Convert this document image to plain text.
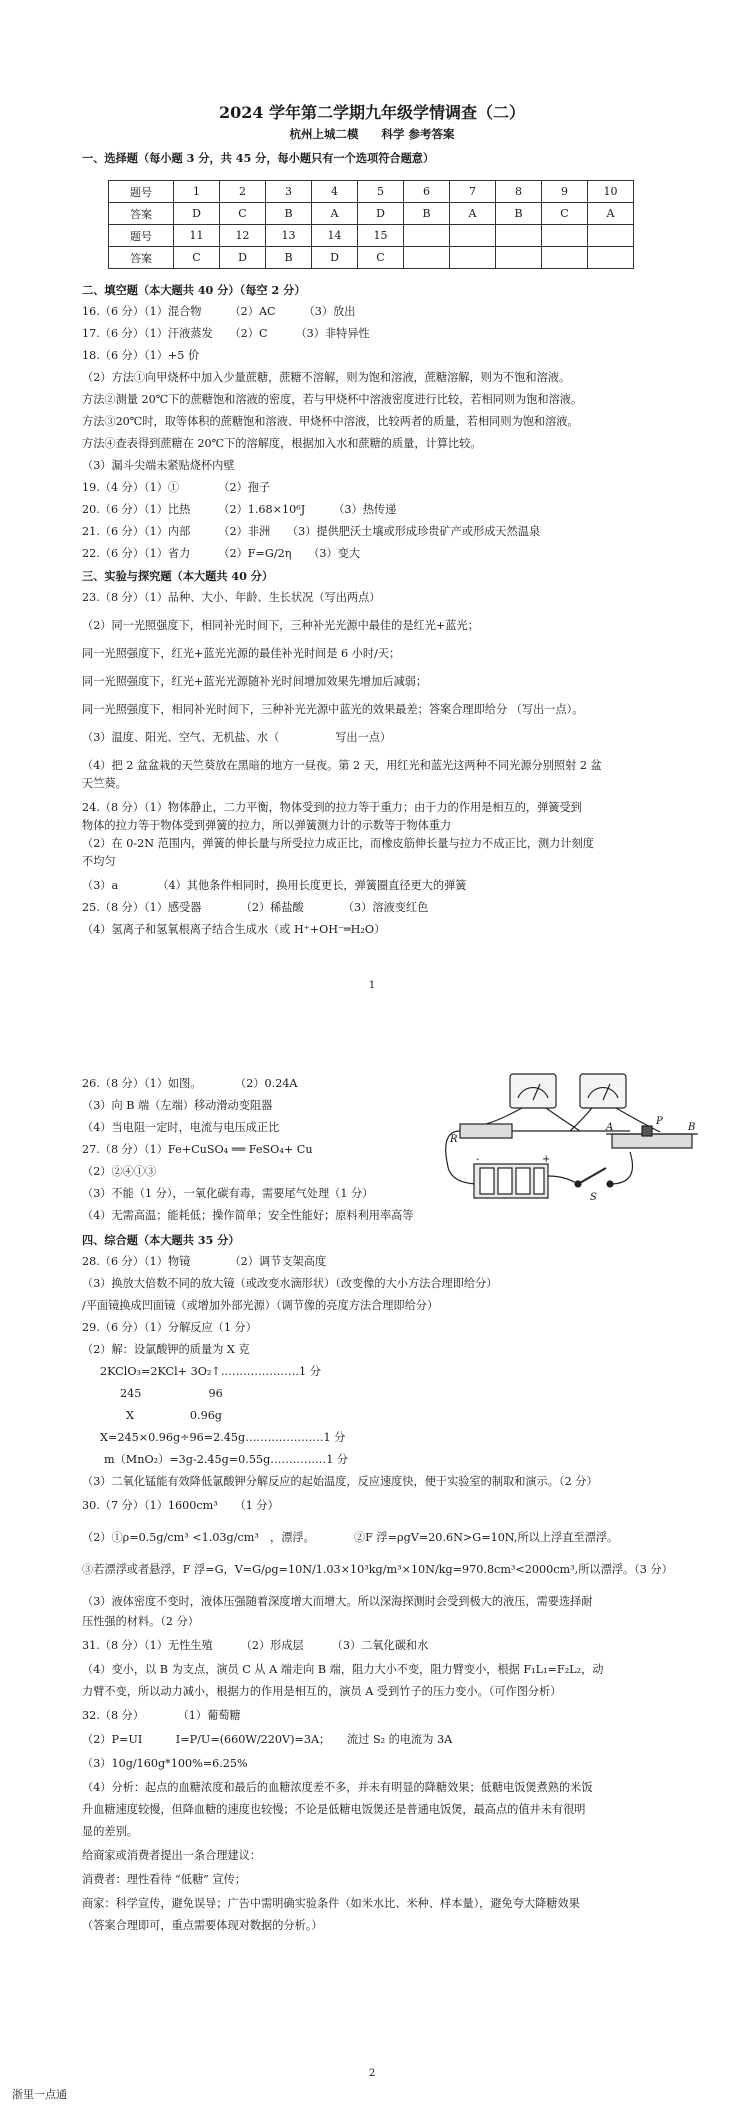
2024 学年第二学期九年级学情调查（二）
杭州上城二模　　科学 参考答案
一、选择题（每小题 3 分，共 45 分，每小题只有一个选项符合题意）
题号	1	2	3	4	5	6	7	8	9	10
答案	D	C	B	A	D	B	A	B	C	A
题号	11	12	13	14	15					
答案	C	D	B	D	C					
二、填空题（本大题共 40 分）（每空 2 分）
16.（6 分）（1）混合物　　　（2）AC　　　（3）放出
17.（6 分）（1）汗液蒸发　　（2）C　　　（3）非特异性
18.（6 分）（1）+5 价
（2）方法①向甲烧杯中加入少量蔗糖，蔗糖不溶解，则为饱和溶液，蔗糖溶解，则为不饱和溶液。
方法②测量 20℃下的蔗糖饱和溶液的密度，若与甲烧杯中溶液密度进行比较，若相同则为饱和溶液。
方法③20℃时，取等体积的蔗糖饱和溶液、甲烧杯中溶液，比较两者的质量，若相同则为饱和溶液。
方法④查表得到蔗糖在 20℃下的溶解度，根据加入水和蔗糖的质量，计算比较。
（3）漏斗尖端未紧贴烧杯内壁
19.（4 分）（1）①　　　　（2）孢子
20.（6 分）（1）比热　　　（2）1.68×10⁶J　　　（3）热传递
21.（6 分）（1）内部　　　（2）非洲　　（3）提供肥沃土壤或形成珍贵矿产或形成天然温泉
22.（6 分）（1）省力　　　（2）F=G/2η　　（3）变大
三、实验与探究题（本大题共 40 分）
23.（8 分）（1）品种、大小、年龄、生长状况（写出两点）
（2）同一光照强度下，相同补光时间下，三种补光光源中最佳的是红光+蓝光；
同一光照强度下，红光+蓝光光源的最佳补光时间是 6 小时/天；
同一光照强度下，红光+蓝光光源随补光时间增加效果先增加后减弱；
同一光照强度下，相同补光时间下，三种补光光源中蓝光的效果最差；答案合理即给分 （写出一点）。
（3）温度、阳光、空气、无机盐、水（　　　　　写出一点）
（4）把 2 盆盆栽的天竺葵放在黑暗的地方一昼夜。第 2 天，用红光和蓝光这两种不同光源分别照射 2 盆
天竺葵。
24.（8 分）（1）物体静止，二力平衡，物体受到的拉力等于重力；由于力的作用是相互的，弹簧受到
物体的拉力等于物体受到弹簧的拉力，所以弹簧测力计的示数等于物体重力
（2）在 0-2N 范围内，弹簧的伸长量与所受拉力成正比，而橡皮筋伸长量与拉力不成正比，测力计刻度
不均匀
（3）a　　　　（4）其他条件相同时，换用长度更长，弹簧圈直径更大的弹簧
25.（8 分）（1）感受器　　　　（2）稀盐酸　　　　（3）溶液变红色
（4）氢离子和氢氧根离子结合生成水（或 H⁺+OH⁻═H₂O）
1
26.（8 分）（1）如图。　　　　（2）0.24A
（3）向 B 端（左端）移动滑动变阻器
（4）当电阻一定时，电流与电压成正比
27.（8 分）（1）Fe+CuSO₄ ══ FeSO₄+ Cu
（2）②④①③
（3）不能（1 分），一氧化碳有毒，需要尾气处理（1 分）
（4）无需高温；能耗低；操作简单；安全性能好；原料利用率高等
R
A	B
P
S
+
-
四、综合题（本大题共 35 分）
28.（6 分）（1）物镜　　　　（2）调节支架高度
（3）换放大倍数不同的放大镜（或改变水滴形状）（改变像的大小方法合理即给分）
/平面镜换成凹面镜（或增加外部光源）（调节像的亮度方法合理即给分）
29.（6 分）（1）分解反应（1 分）
（2）解：设氯酸钾的质量为 X 克
2KClO₃=2KCl+ 3O₂↑…………………1 分
245　　　　　　96
X　　　　　0.96g
X=245×0.96g÷96=2.45g…………………1 分
m（MnO₂）=3g-2.45g=0.55g……………1 分
（3）二氧化锰能有效降低氯酸钾分解反应的起始温度，反应速度快，便于实验室的制取和演示。（2 分）
30.（7 分）（1）1600cm³　　（1 分）
（2）①ρ=0.5g/cm³ <1.03g/cm³　，漂浮。　　　　②F 浮=ρgV=20.6N>G=10N,所以上浮直至漂浮。
③若漂浮或者悬浮，F 浮=G，V=G/ρg=10N/1.03×10³kg/m³×10N/kg=970.8cm³<2000cm³,所以漂浮。（3 分）
（3）液体密度不变时，液体压强随着深度增大而增大。所以深海探测时会受到极大的液压，需要选择耐
压性强的材料。（2 分）
31.（8 分）（1）无性生殖　　　（2）形成层　　　（3）二氧化碳和水
（4）变小，以 B 为支点，演员 C 从 A 端走向 B 端，阻力大小不变，阻力臂变小，根据 F₁L₁=F₂L₂，动
力臂不变，所以动力减小，根据力的作用是相互的，演员 A 受到竹子的压力变小。（可作图分析）
32.（8 分）　　　　（1）葡萄糖
（2）P=UI　　　I=P/U=(660W/220V)=3A；　　流过 S₂ 的电流为 3A
（3）10g/160g*100%=6.25%
（4）分析：起点的血糖浓度和最后的血糖浓度差不多，并未有明显的降糖效果；低糖电饭煲煮熟的米饭
升血糖速度较慢，但降血糖的速度也较慢；不论是低糖电饭煲还是普通电饭煲，最高点的值并未有很明
显的差别。
给商家或消费者提出一条合理建议：
消费者：理性看待 “低糖” 宣传；
商家：科学宣传，避免误导；广告中需明确实验条件（如米水比、米种、样本量），避免夸大降糖效果
（答案合理即可，重点需要体现对数据的分析。）
2
浙里一点通
